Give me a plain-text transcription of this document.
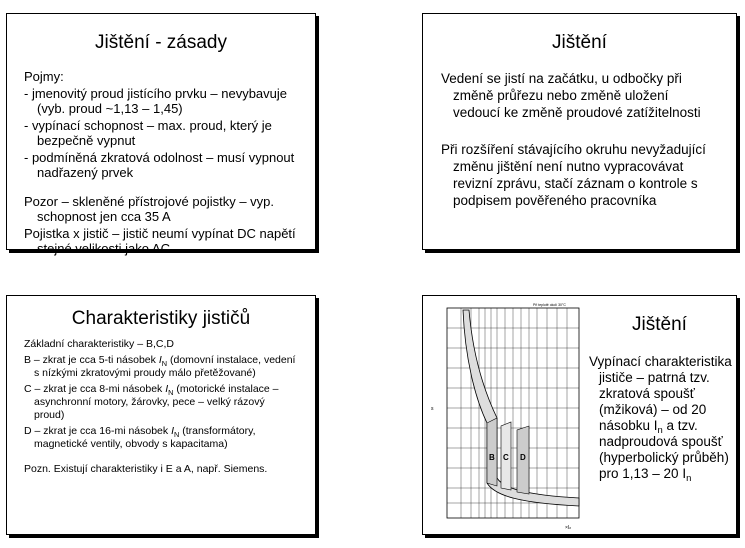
Jištění - zásady
Pojmy:
- jmenovitý proud jistícího prvku – nevybavuje
(vyb. proud ~1,13 – 1,45)
- vypínací schopnost – max. proud, který je
bezpečně vypnut
- podmíněná zkratová odolnost – musí vypnout
nadřazený prvek
Pozor – skleněné přístrojové pojistky – vyp.
schopnost jen cca 35 A
Pojistka x jistič – jistič neumí vypínat DC napětí
stejné velikosti jako AC
Jištění
Vedení se jistí na začátku, u odbočky při
změně průřezu nebo změně uložení
vedoucí ke změně proudové zatížitelnosti
Při rozšíření stávajícího okruhu nevyžadující
změnu jištění není nutno vypracovávat
revizní zprávu, stačí záznam o kontrole s
podpisem pověřeného pracovníka
Charakteristiky jističů
Základní charakteristiky – B,C,D
B – zkrat je cca 5-ti násobek $I_N$ (domovní instalace, vedení
s nízkými zkratovými proudy málo přetěžované)
C – zkrat je cca 8-mi násobek $I_N$ (motorické instalace –
asynchronní motory, žárovky, pece – velký rázový
proud)
D – zkrat je cca 16-mi násobek $I_N$ (transformátory,
magnetické ventily, obvody s kapacitama)
Pozn. Existují charakteristiky i E a A, např. Siemens.
B C D
Při teplotě okolí 30°C
s
×Iₙ
Jištění
Vypínací charakteristika
jističe – patrná tzv.
zkratová spoušť
(mžiková) – od 20
násobku $I_n$ a tzv.
nadproudová spoušť
(hyperbolický průběh)
pro 1,13 – 20 $I_n$
